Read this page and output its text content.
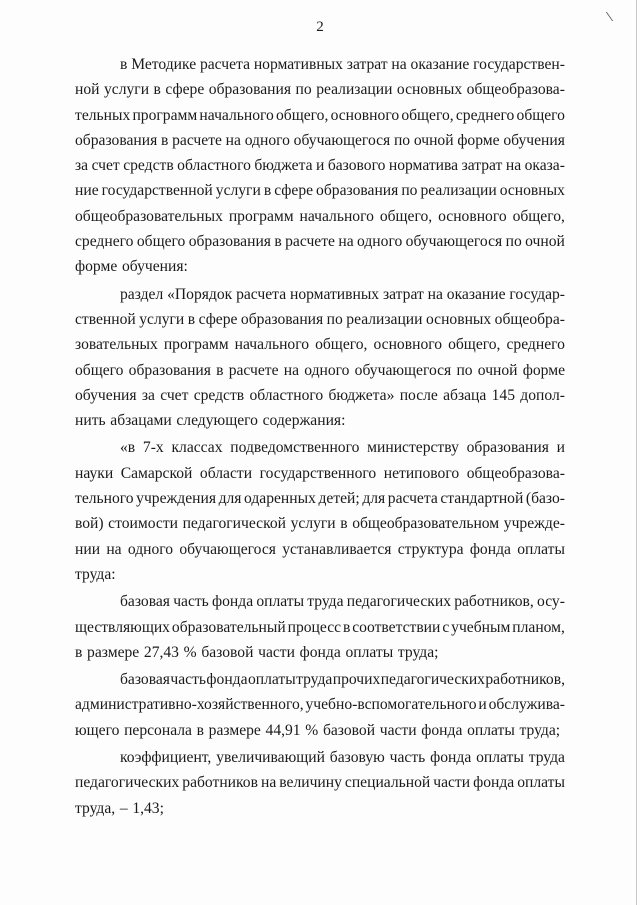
2
в Методике расчета нормативных затрат на оказание государствен-
ной услуги в сфере образования по реализации основных общеобразова-
тельных программ начального общего, основного общего, среднего общего
образования в расчете на одного обучающегося по очной форме обучения
за счет средств областного бюджета и базового норматива затрат на оказа-
ние государственной услуги в сфере образования по реализации основных
общеобразовательных программ начального общего, основного общего,
среднего общего образования в расчете на одного обучающегося по очной
форме обучения:
раздел «Порядок расчета нормативных затрат на оказание государ-
ственной услуги в сфере образования по реализации основных общеобра-
зовательных программ начального общего, основного общего, среднего
общего образования в расчете на одного обучающегося по очной форме
обучения за счет средств областного бюджета» после абзаца 145 допол-
нить абзацами следующего содержания:
«в 7-х классах подведомственного министерству образования и
науки Самарской области государственного нетипового общеобразова-
тельного учреждения для одаренных детей; для расчета стандартной (базо-
вой) стоимости педагогической услуги в общеобразовательном учрежде-
нии на одного обучающегося устанавливается структура фонда оплаты
труда:
базовая часть фонда оплаты труда педагогических работников, осу-
ществляющих образовательный процесс в соответствии с учебным планом,
в размере 27,43 % базовой части фонда оплаты труда;
базовая часть фонда оплаты труда прочих педагогических работников,
административно-хозяйственного, учебно-вспомогательного и обслужива-
ющего персонала в размере 44,91 % базовой части фонда оплаты труда;
коэффициент, увеличивающий базовую часть фонда оплаты труда
педагогических работников на величину специальной части фонда оплаты
труда, – 1,43;
